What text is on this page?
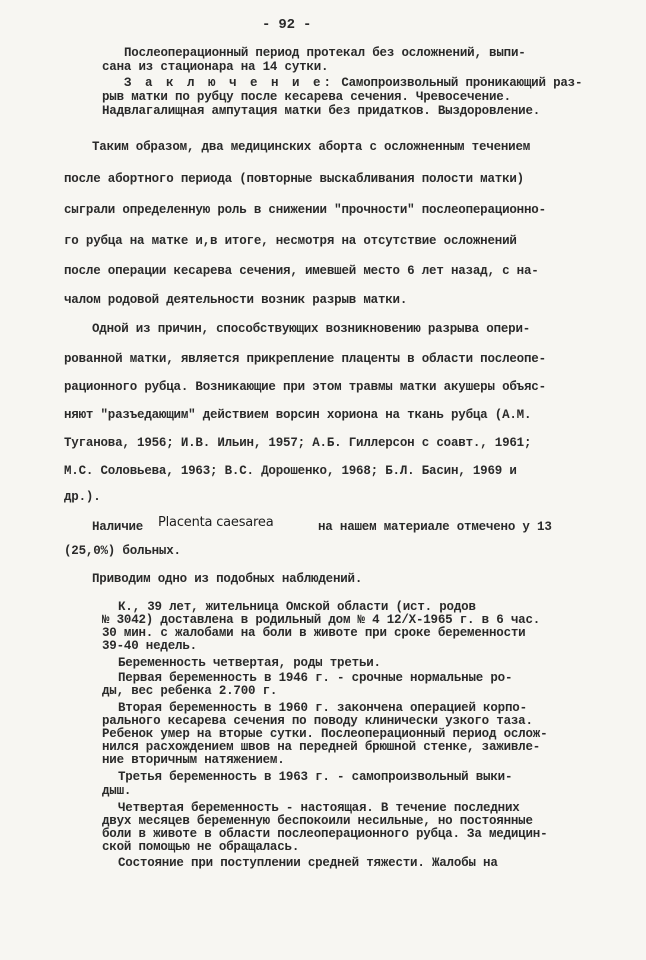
- 92 -
Послеоперационный период протекал без осложнений, выпи-
сана из стационара на 14 сутки.
З а к л ю ч е н и е: Самопроизвольный проникающий раз-
рыв матки по рубцу после кесарева сечения. Чревосечение.
Надвлагалищная ампутация матки без придатков. Выздоровление.
Таким образом, два медицинских аборта с осложненным течением
после абортного периода (повторные выскабливания полости матки)
сыграли определенную роль в снижении "прочности" послеоперационно-
го рубца на матке и,в итоге, несмотря на отсутствие осложнений
после операции кесарева сечения, имевшей место 6 лет назад, с на-
чалом родовой деятельности возник разрыв матки.
Одной из причин, способствующих возникновению разрыва опери-
рованной матки, является прикрепление плаценты в области послеопе-
рационного рубца. Возникающие при этом травмы матки акушеры объяс-
няют "разъедающим" действием ворсин хориона на ткань рубца (А.М.
Туганова, 1956; И.В. Ильин, 1957; А.Б. Гиллерсон с соавт., 1961;
М.С. Соловьева, 1963; В.С. Дорошенко, 1968; Б.Л. Басин, 1969 и
др.).
Наличие Placenta caesarea	на нашем материале отмечено у 13
(25,0%) больных.
Приводим одно из подобных наблюдений.
К., 39 лет, жительница Омской области (ист. родов
№ 3042) доставлена в родильный дом № 4 12/X-1965 г. в 6 час.
30 мин. с жалобами на боли в животе при сроке беременности
39-40 недель.
Беременность четвертая, роды третьи.
Первая беременность в 1946 г. - срочные нормальные ро-
ды, вес ребенка 2.700 г.
Вторая беременность в 1960 г. закончена операцией корпо-
рального кесарева сечения по поводу клинически узкого таза.
Ребенок умер на вторые сутки. Послеоперационный период ослож-
нился расхождением швов на передней брюшной стенке, заживле-
ние вторичным натяжением.
Третья беременность в 1963 г. - самопроизвольный выки-
дыш.
Четвертая беременность - настоящая. В течение последних
двух месяцев беременную беспокоили несильные, но постоянные
боли в животе в области послеоперационного рубца. За медицин-
ской помощью не обращалась.
Состояние при поступлении средней тяжести. Жалобы на
